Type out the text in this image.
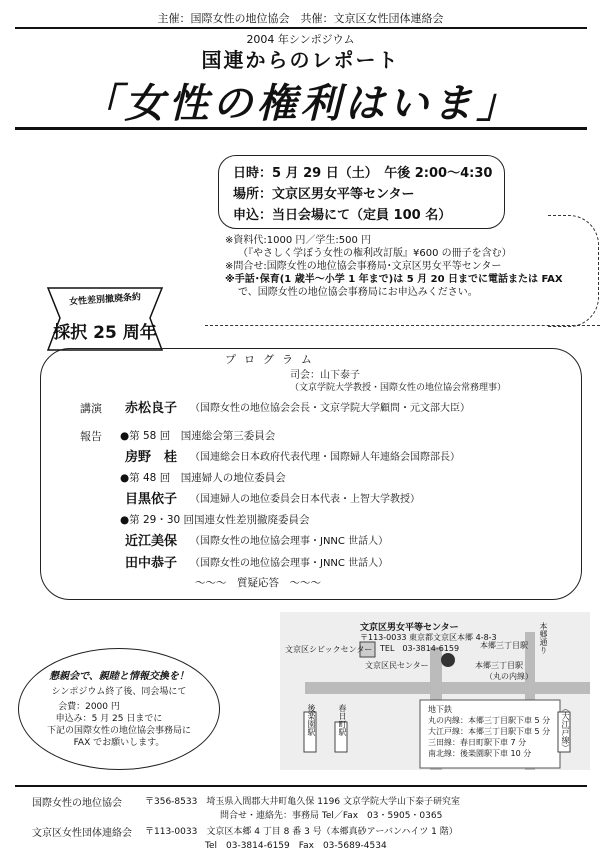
主催：国際女性の地位協会　共催：文京区女性団体連絡会
2004 年シンポジウム
国連からのレポート
「女性の権利はいま」
日時：5 月 29 日（土）　午後 2:00～4:30
場所：文京区男女平等センター
申込：当日会場にて（定員 100 名）
※資料代:1000 円／学生:500 円
（『やさしく学ぼう女性の権利改訂版』¥600 の冊子を含む）
※問合せ:国際女性の地位協会事務局･文京区男女平等センター
※手話･保育(1 歳半～小学 1 年まで)は 5 月 20 日までに電話または FAX
で、国際女性の地位協会事務局にお申込みください。
女性差別撤廃条約
採択 25 周年
プログラム
司会：山下泰子
（文京学院大学教授・国際女性の地位協会常務理事）
講演 赤松良子 （国際女性の地位協会会長・文京学院大学顧問・元文部大臣）
報告 ●第 58 回　国連総会第三委員会
房野　桂 （国連総会日本政府代表代理・国際婦人年連絡会国際部長）
●第 48 回　国連婦人の地位委員会
目黒依子 （国連婦人の地位委員会日本代表・上智大学教授）
●第 29・30 回国連女性差別撤廃委員会
近江美保 （国際女性の地位協会理事・JNNC 世話人）
田中恭子 （国際女性の地位協会理事・JNNC 世話人）
～～～　質疑応答　～～～
文京区男女平等センター
〒113-0033 東京都文京区本郷 4-8-3
TEL　03-3814-6159
文京区シビックセンター
文京区民センター
春日町駅
後楽園駅
本郷三丁目駅 本郷通り
本郷三丁目駅
（丸の内線）
（大江戸線）
地下鉄
丸の内線：本郷三丁目駅下車 5 分
大江戸線：本郷三丁目駅下車 5 分
三田線：春日町駅下車 7 分
南北線：後楽園駅下車 10 分
懇親会で、親睦と情報交換を！
シンポジウム終了後、同会場にて
会費：2000 円
申込み：5 月 25 日までに
下記の国際女性の地位協会事務局に
FAX でお願いします。
国際女性の地位協会	〒356-8533　埼玉県入間郡大井町亀久保 1196 文京学院大学山下泰子研究室
問合せ・連絡先：事務局 Tel／Fax　03・5905・0365
文京区女性団体連絡会 〒113-0033　文京区本郷 4 丁目 8 番 3 号（本郷真砂アーバンハイツ 1 階）
Tel　03-3814-6159　Fax　03-5689-4534
